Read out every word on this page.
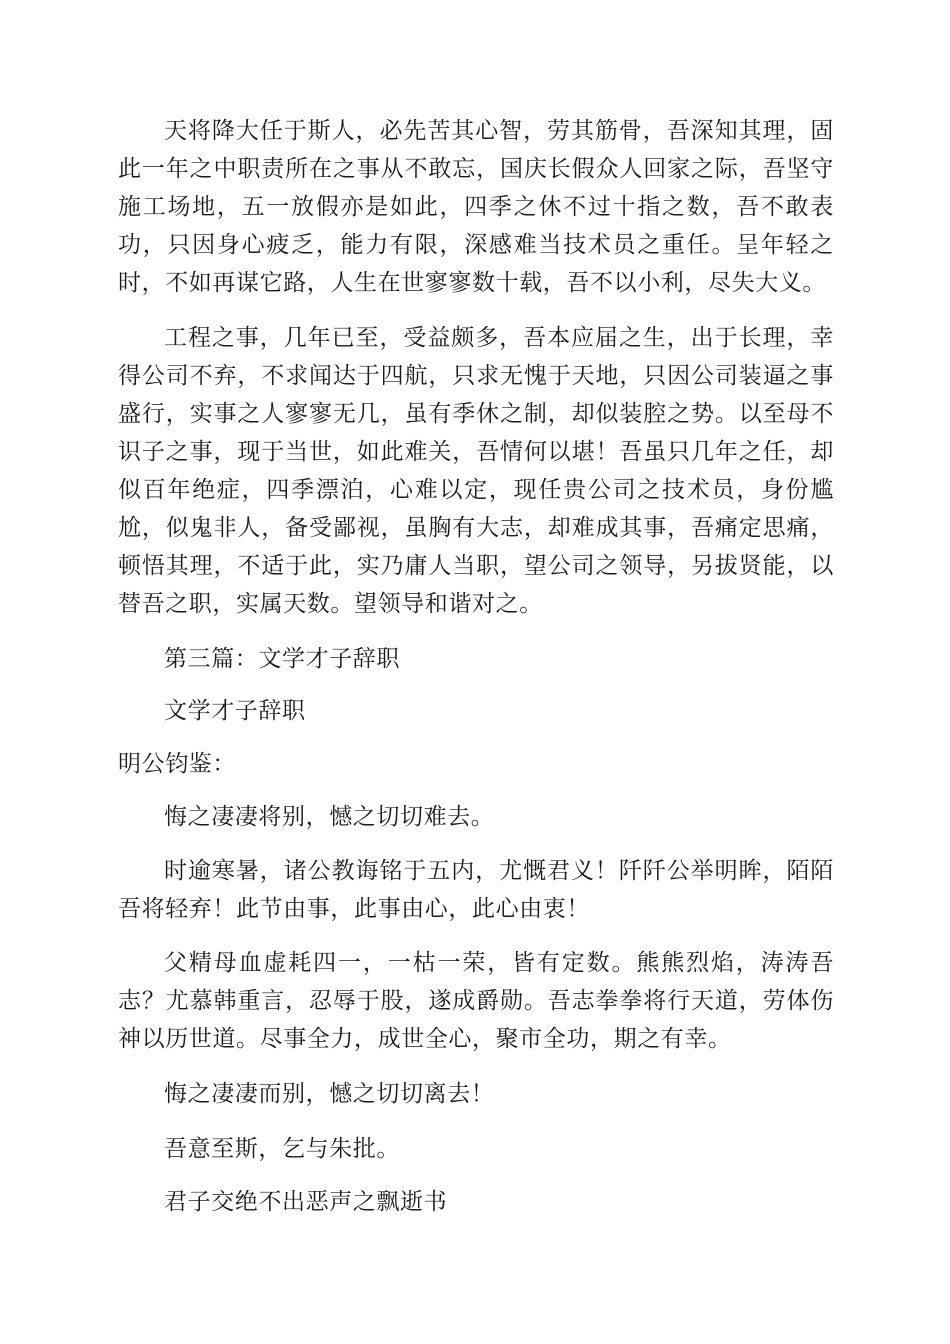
天将降大任于斯人，必先苦其心智，劳其筋骨，吾深知其理，固此一年之中职责所在之事从不敢忘，国庆长假众人回家之际，吾坚守施工场地，五一放假亦是如此，四季之休不过十指之数，吾不敢表功，只因身心疲乏，能力有限，深感难当技术员之重任。呈年轻之时，不如再谋它路，人生在世寥寥数十载，吾不以小利，尽失大义。

工程之事，几年已至，受益颇多，吾本应届之生，出于长理，幸得公司不弃，不求闻达于四航，只求无愧于天地，只因公司装逼之事盛行，实事之人寥寥无几，虽有季休之制，却似装腔之势。以至母不识子之事，现于当世，如此难关，吾情何以堪！吾虽只几年之任，却似百年绝症，四季漂泊，心难以定，现任贵公司之技术员，身份尴尬，似鬼非人，备受鄙视，虽胸有大志，却难成其事，吾痛定思痛，顿悟其理，不适于此，实乃庸人当职，望公司之领导，另拔贤能，以替吾之职，实属天数。望领导和谐对之。

第三篇：文学才子辞职

文学才子辞职

明公钧鉴：

悔之凄凄将别，憾之切切难去。

时逾寒暑，诸公教诲铭于五内，尤慨君义！阡阡公举明眸，陌陌吾将轻弃！此节由事，此事由心，此心由衷！

父精母血虚耗四一，一枯一荣，皆有定数。熊熊烈焰，涛涛吾志？尤慕韩重言，忍辱于股，遂成爵勋。吾志拳拳将行天道，劳体伤神以历世道。尽事全力，成世全心，聚市全功，期之有幸。

悔之凄凄而别，憾之切切离去！

吾意至斯，乞与朱批。

君子交绝不出恶声之飘逝书
